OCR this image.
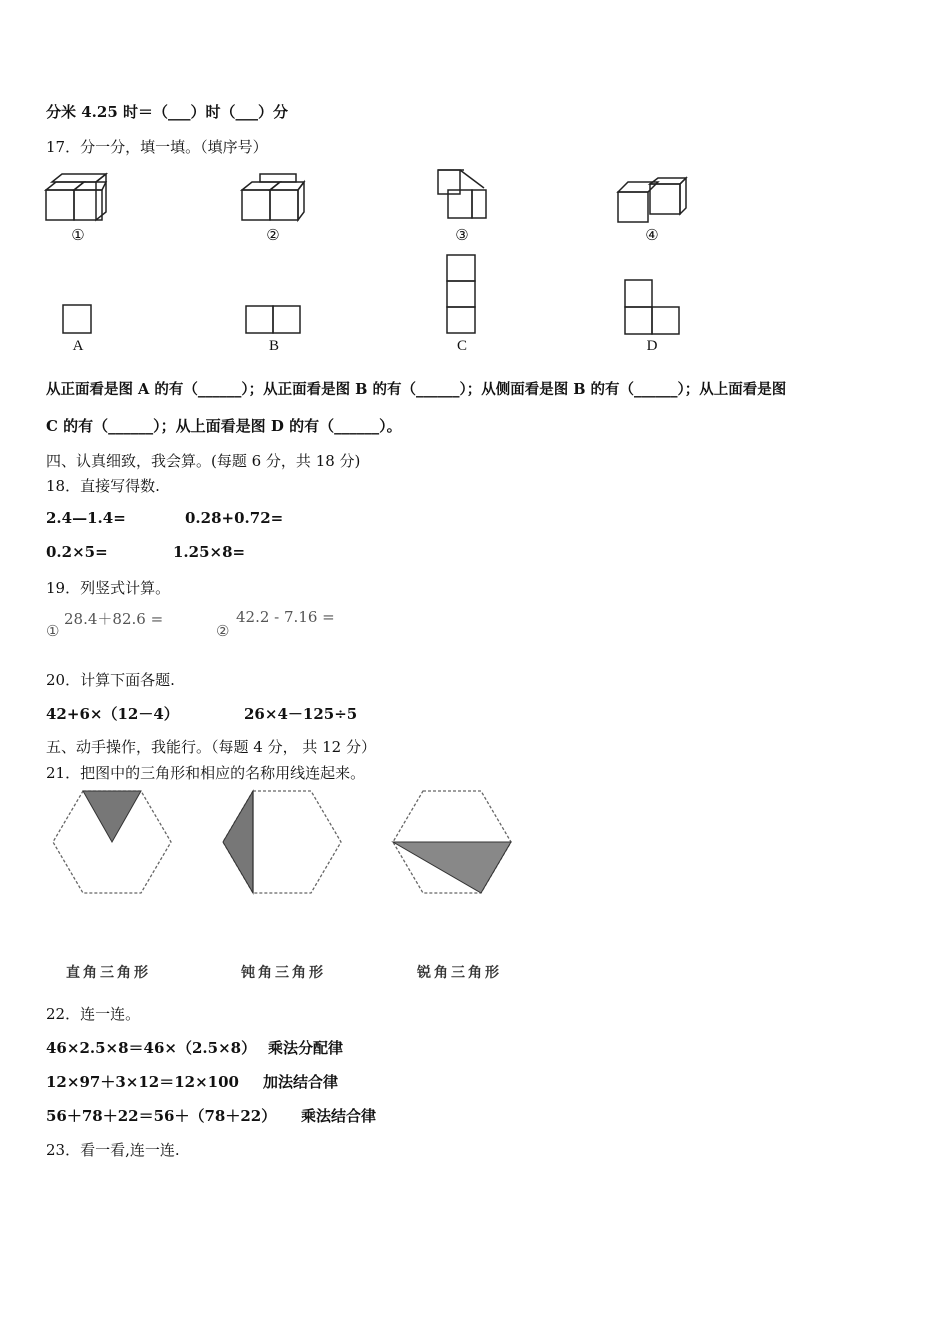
分米 4.25 时＝（___）时（___）分
17．分一分，填一填。（填序号）
①	②	③	④
A	B	C	D
从正面看是图 A 的有（______）；从正面看是图 B 的有（______）；从侧面看是图 B 的有（______）；从上面看是图
C 的有（______）；从上面看是图 D 的有（______）。
四、认真细致，我会算。(每题 6 分，共 18 分)
18．直接写得数.
2.4—1.4=	0.28+0.72=
0.2×5=	1.25×8=
19．列竖式计算。
①
28.4＋82.6 =
②
42.2 - 7.16 =
20．计算下面各题.
42+6×（12－4）	26×4－125÷5
五、动手操作，我能行。（每题 4 分， 共 12 分）
21．把图中的三角形和相应的名称用线连起来。
直角三角形	钝角三角形	锐角三角形
22．连一连。
46×2.5×8＝46×（2.5×8） 乘法分配律
12×97＋3×12＝12×100 加法结合律
56＋78＋22＝56＋（78＋22） 乘法结合律
23．看一看,连一连.
